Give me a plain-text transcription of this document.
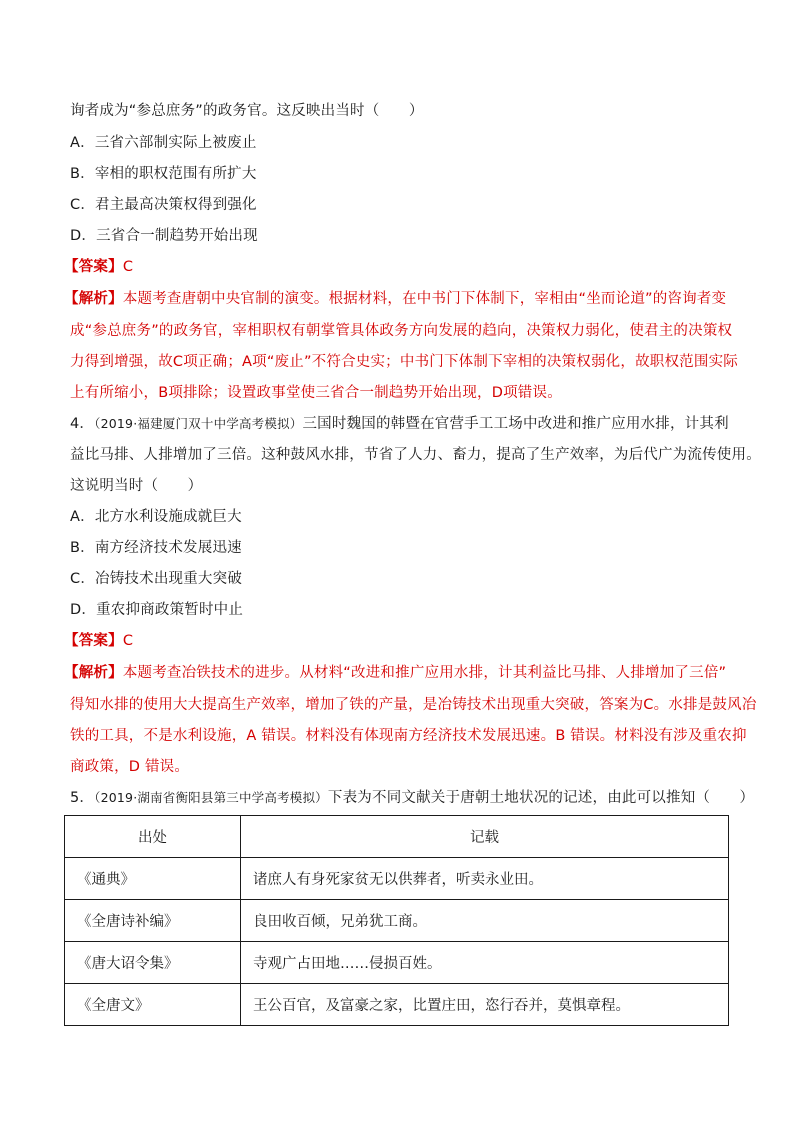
询者成为“参总庶务”的政务官。这反映出当时（　　）
A．三省六部制实际上被废止
B．宰相的职权范围有所扩大
C．君主最高决策权得到强化
D．三省合一制趋势开始出现
【答案】C
【解析】本题考查唐朝中央官制的演变。根据材料，在中书门下体制下，宰相由“坐而论道”的咨询者变
成“参总庶务”的政务官，宰相职权有朝掌管具体政务方向发展的趋向，决策权力弱化，使君主的决策权
力得到增强，故C项正确；A项“废止”不符合史实；中书门下体制下宰相的决策权弱化，故职权范围实际
上有所缩小，B项排除；设置政事堂使三省合一制趋势开始出现，D项错误。
4．（2019·福建厦门双十中学高考模拟）三国时魏国的韩暨在官营手工工场中改进和推广应用水排，计其利
益比马排、人排增加了三倍。这种鼓风水排，节省了人力、畜力，提高了生产效率，为后代广为流传使用。
这说明当时（　　）
A．北方水利设施成就巨大
B．南方经济技术发展迅速
C．冶铸技术出现重大突破
D．重农抑商政策暂时中止
【答案】C
【解析】本题考查冶铁技术的进步。从材料“改进和推广应用水排，计其利益比马排、人排增加了三倍”
得知水排的使用大大提高生产效率，增加了铁的产量，是冶铸技术出现重大突破，答案为C。水排是鼓风冶
铁的工具，不是水利设施，A 错误。材料没有体现南方经济技术发展迅速。B 错误。材料没有涉及重农抑
商政策，D 错误。
5．（2019·湖南省衡阳县第三中学高考模拟）下表为不同文献关于唐朝土地状况的记述，由此可以推知（　　）
出处	记载
《通典》	诸庶人有身死家贫无以供葬者，听卖永业田。
《全唐诗补编》	良田收百倾，兄弟犹工商。
《唐大诏令集》	寺观广占田地……侵损百姓。
《全唐文》	王公百官，及富豪之家，比置庄田，恣行吞并，莫惧章程。
